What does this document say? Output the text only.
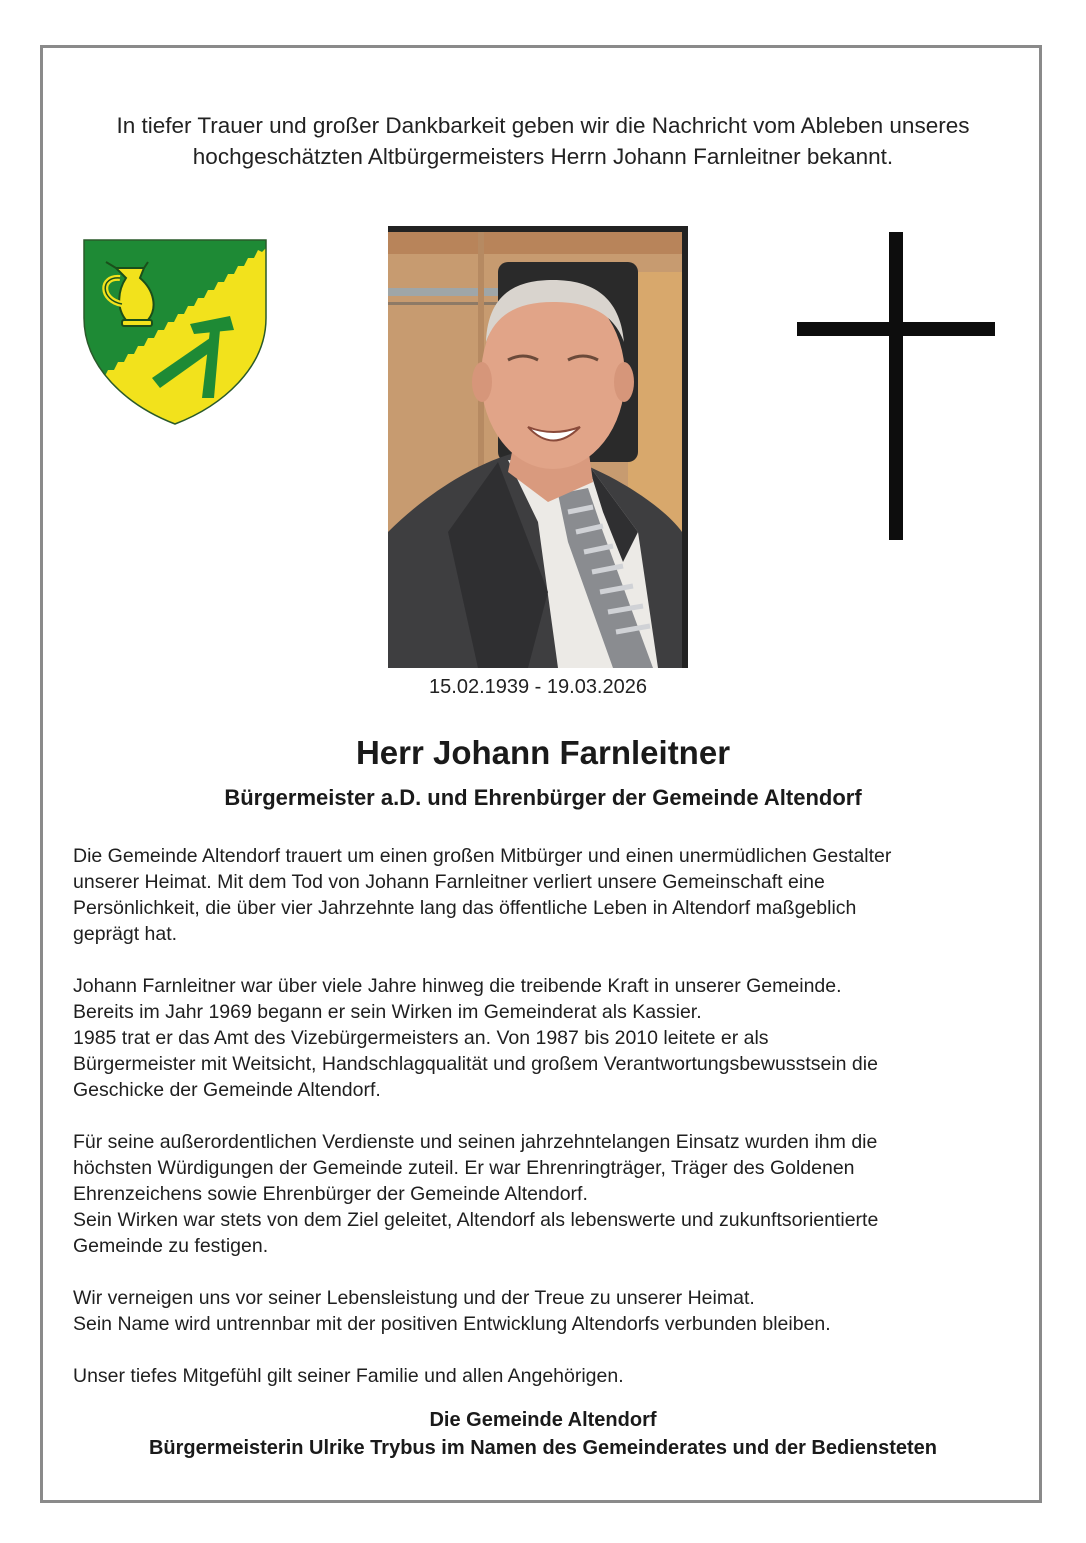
In tiefer Trauer und großer Dankbarkeit geben wir die Nachricht vom Ableben unseres
hochgeschätzten Altbürgermeisters Herrn Johann Farnleitner bekannt.
15.02.1939 - 19.03.2026
Herr Johann Farnleitner
Bürgermeister a.D. und Ehrenbürger der Gemeinde Altendorf

Die Gemeinde Altendorf trauert um einen großen Mitbürger und einen unermüdlichen Gestalter
unserer Heimat. Mit dem Tod von Johann Farnleitner verliert unsere Gemeinschaft eine
Persönlichkeit, die über vier Jahrzehnte lang das öffentliche Leben in Altendorf maßgeblich
geprägt hat.

Johann Farnleitner war über viele Jahre hinweg die treibende Kraft in unserer Gemeinde.
Bereits im Jahr 1969 begann er sein Wirken im Gemeinderat als Kassier.
1985 trat er das Amt des Vizebürgermeisters an. Von 1987 bis 2010 leitete er als
Bürgermeister mit Weitsicht, Handschlagqualität und großem Verantwortungsbewusstsein die
Geschicke der Gemeinde Altendorf.

Für seine außerordentlichen Verdienste und seinen jahrzehntelangen Einsatz wurden ihm die
höchsten Würdigungen der Gemeinde zuteil. Er war Ehrenringträger, Träger des Goldenen
Ehrenzeichens sowie Ehrenbürger der Gemeinde Altendorf.
Sein Wirken war stets von dem Ziel geleitet, Altendorf als lebenswerte und zukunftsorientierte
Gemeinde zu festigen.

Wir verneigen uns vor seiner Lebensleistung und der Treue zu unserer Heimat.
Sein Name wird untrennbar mit der positiven Entwicklung Altendorfs verbunden bleiben.

Unser tiefes Mitgefühl gilt seiner Familie und allen Angehörigen.

Die Gemeinde Altendorf
Bürgermeisterin Ulrike Trybus im Namen des Gemeinderates und der Bediensteten
